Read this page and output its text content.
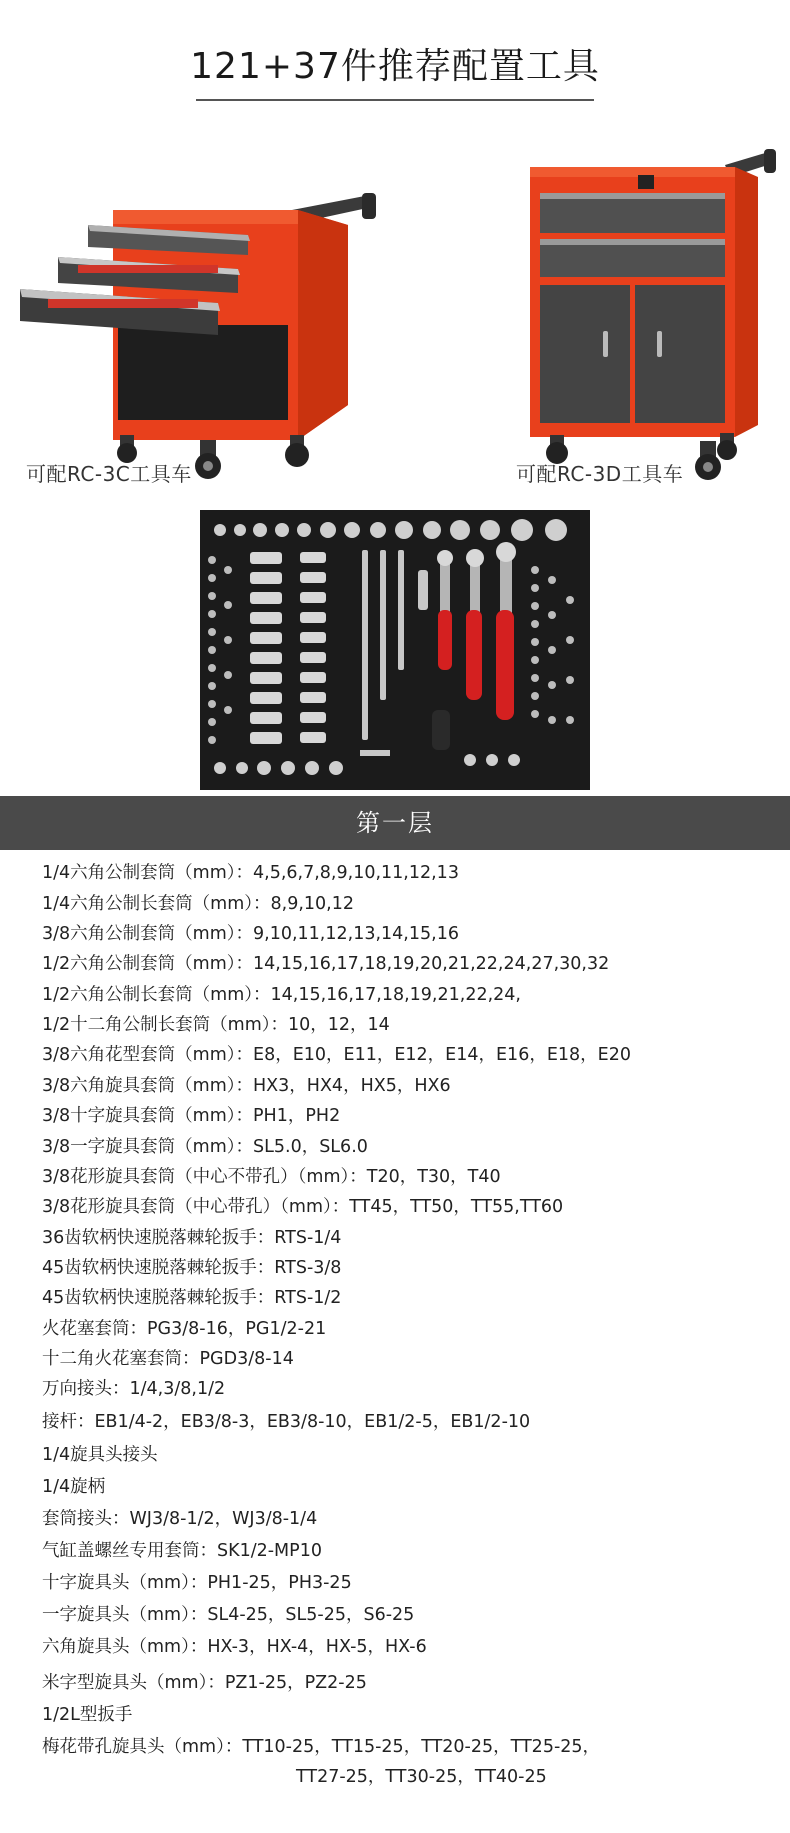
121+37件推荐配置工具
可配RC-3C工具车	可配RC-3D工具车
第一层
1/4六角公制套筒（mm）：4,5,6,7,8,9,10,11,12,13
1/4六角公制长套筒（mm）：8,9,10,12
3/8六角公制套筒（mm）：9,10,11,12,13,14,15,16
1/2六角公制套筒（mm）：14,15,16,17,18,19,20,21,22,24,27,30,32
1/2六角公制长套筒（mm）：14,15,16,17,18,19,21,22,24,
1/2十二角公制长套筒（mm）：10，12，14
3/8六角花型套筒（mm）：E8，E10，E11，E12，E14，E16，E18，E20
3/8六角旋具套筒（mm）：HX3，HX4，HX5，HX6
3/8十字旋具套筒（mm）：PH1，PH2
3/8一字旋具套筒（mm）：SL5.0，SL6.0
3/8花形旋具套筒（中心不带孔）（mm）：T20，T30，T40
3/8花形旋具套筒（中心带孔）（mm）：TT45，TT50，TT55,TT60
36齿软柄快速脱落棘轮扳手：RTS-1/4
45齿软柄快速脱落棘轮扳手：RTS-3/8
45齿软柄快速脱落棘轮扳手：RTS-1/2
火花塞套筒：PG3/8-16，PG1/2-21
十二角火花塞套筒：PGD3/8-14
万向接头：1/4,3/8,1/2
接杆：EB1/4-2，EB3/8-3，EB3/8-10，EB1/2-5，EB1/2-10
1/4旋具头接头
1/4旋柄
套筒接头：WJ3/8-1/2，WJ3/8-1/4
气缸盖螺丝专用套筒：SK1/2-MP10
十字旋具头（mm）：PH1-25，PH3-25
一字旋具头（mm）：SL4-25，SL5-25，S6-25
六角旋具头（mm）：HX-3，HX-4，HX-5，HX-6
米字型旋具头（mm）：PZ1-25，PZ2-25
1/2L型扳手
梅花带孔旋具头（mm）：TT10-25，TT15-25，TT20-25，TT25-25，
TT27-25，TT30-25，TT40-25
